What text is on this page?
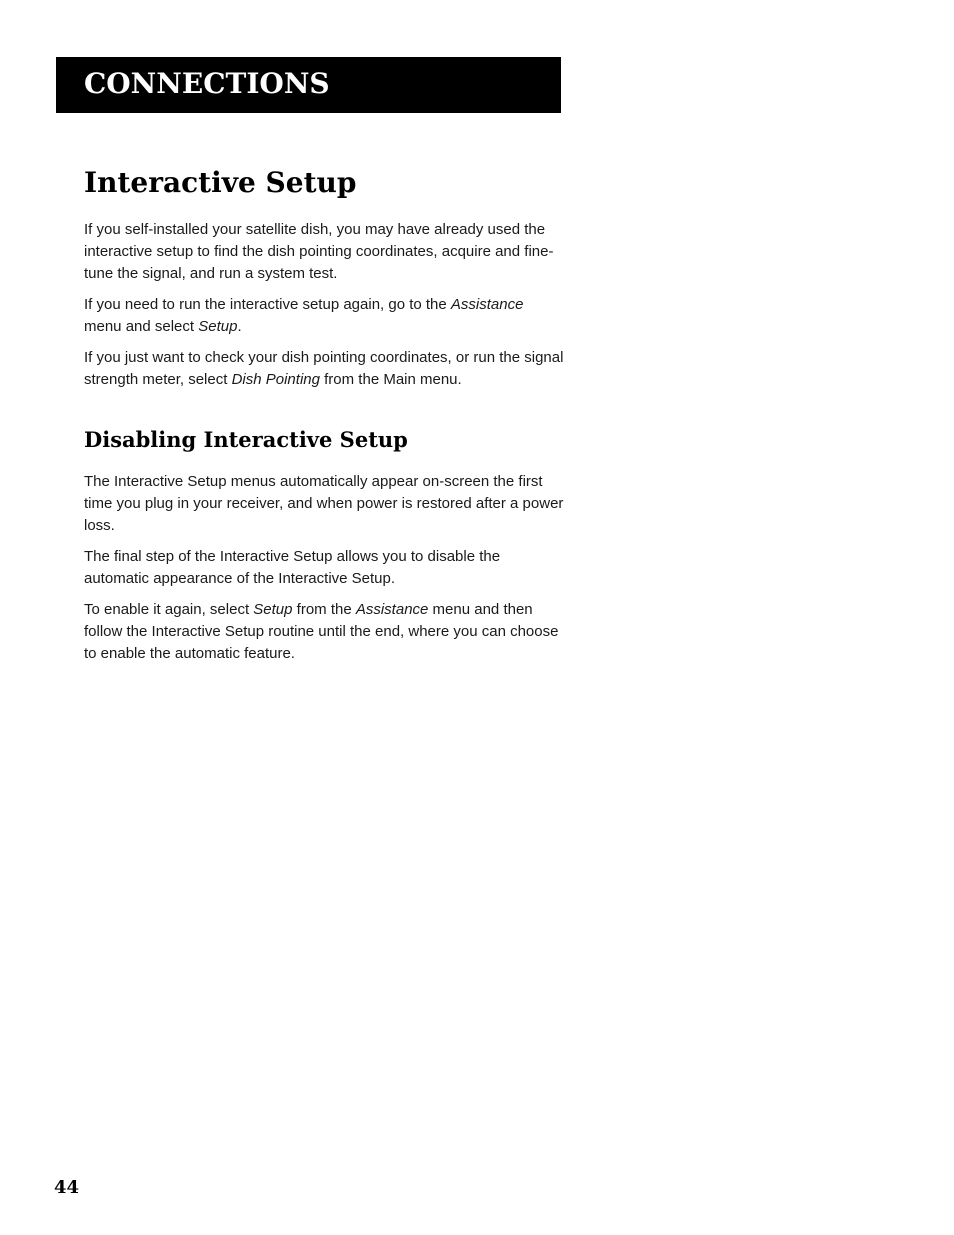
CONNECTIONS
Interactive Setup

If you self-installed your satellite dish, you may have already used the interactive setup to find the dish pointing coordinates, acquire and fine-tune the signal, and run a system test.

If you need to run the interactive setup again, go to the Assistance menu and select Setup.

If you just want to check your dish pointing coordinates, or run the signal strength meter, select Dish Pointing from the Main menu.

Disabling Interactive Setup

The Interactive Setup menus automatically appear on-screen the first time you plug in your receiver, and when power is restored after a power loss.

The final step of the Interactive Setup allows you to disable the automatic appearance of the Interactive Setup.

To enable it again, select Setup from the Assistance menu and then follow the Interactive Setup routine until the end, where you can choose to enable the automatic feature.

44
